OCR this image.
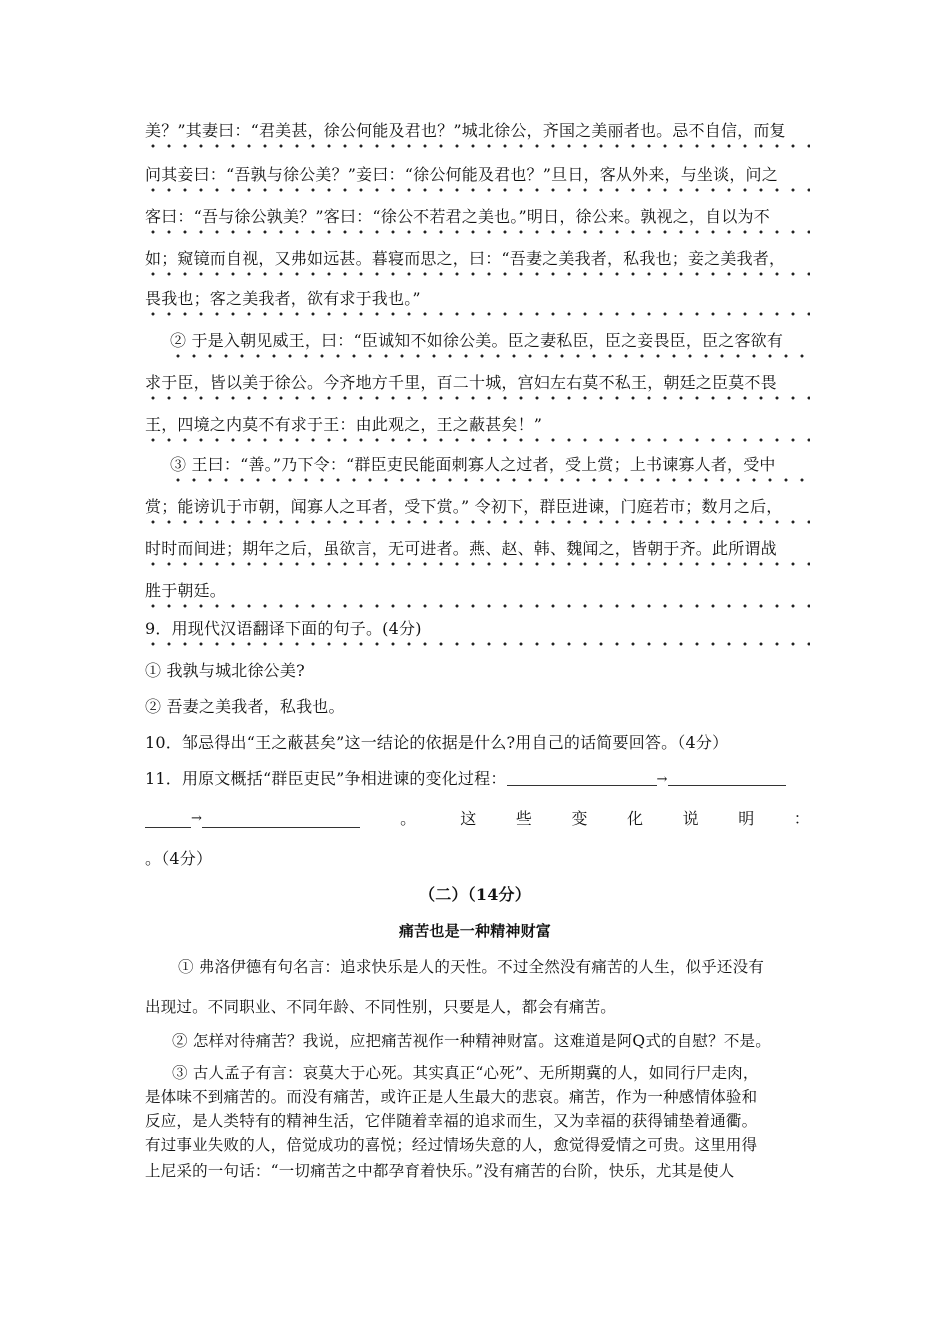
美？”其妻曰：“君美甚，徐公何能及君也？”城北徐公，齐国之美丽者也。忌不自信，而复
问其妾曰：“吾孰与徐公美？”妾曰：“徐公何能及君也？”旦日，客从外来，与坐谈，问之
客曰：“吾与徐公孰美？”客曰：“徐公不若君之美也。”明日，徐公来。孰视之，自以为不
如；窥镜而自视，又弗如远甚。暮寝而思之，曰：“吾妻之美我者，私我也；妾之美我者，
畏我也；客之美我者，欲有求于我也。”
② 于是入朝见威王，曰：“臣诚知不如徐公美。臣之妻私臣，臣之妾畏臣，臣之客欲有
求于臣，皆以美于徐公。今齐地方千里，百二十城，宫妇左右莫不私王，朝廷之臣莫不畏
王，四境之内莫不有求于王：由此观之，王之蔽甚矣！”
③ 王曰：“善。”乃下令：“群臣吏民能面刺寡人之过者，受上赏；上书谏寡人者，受中
赏；能谤讥于市朝，闻寡人之耳者，受下赏。” 令初下，群臣进谏，门庭若市；数月之后，
时时而间进；期年之后，虽欲言，无可进者。燕、赵、韩、魏闻之，皆朝于齐。此所谓战
胜于朝廷。
9．用现代汉语翻译下面的句子。(4分)
① 我孰与城北徐公美?
② 吾妻之美我者，私我也。
10．邹忌得出“王之蔽甚矣”这一结论的依据是什么?用自己的话简要回答。（4分）
11．用原文概括“群臣吏民”争相进谏的变化过程：	→
→	。	这 些 变 化 说 明 ：
。（4分）
（二）（14分）
痛苦也是一种精神财富
① 弗洛伊德有句名言：追求快乐是人的天性。不过全然没有痛苦的人生，似乎还没有
出现过。不同职业、不同年龄、不同性别，只要是人，都会有痛苦。
② 怎样对待痛苦？我说，应把痛苦视作一种精神财富。这难道是阿Q式的自慰？不是。
③ 古人孟子有言：哀莫大于心死。其实真正“心死”、无所期冀的人，如同行尸走肉，
是体味不到痛苦的。而没有痛苦，或许正是人生最大的悲哀。痛苦，作为一种感情体验和
反应，是人类特有的精神生活，它伴随着幸福的追求而生，又为幸福的获得铺垫着通衢。
有过事业失败的人，倍觉成功的喜悦；经过情场失意的人，愈觉得爱情之可贵。这里用得
上尼采的一句话：“一切痛苦之中都孕育着快乐。”没有痛苦的台阶，快乐，尤其是使人
